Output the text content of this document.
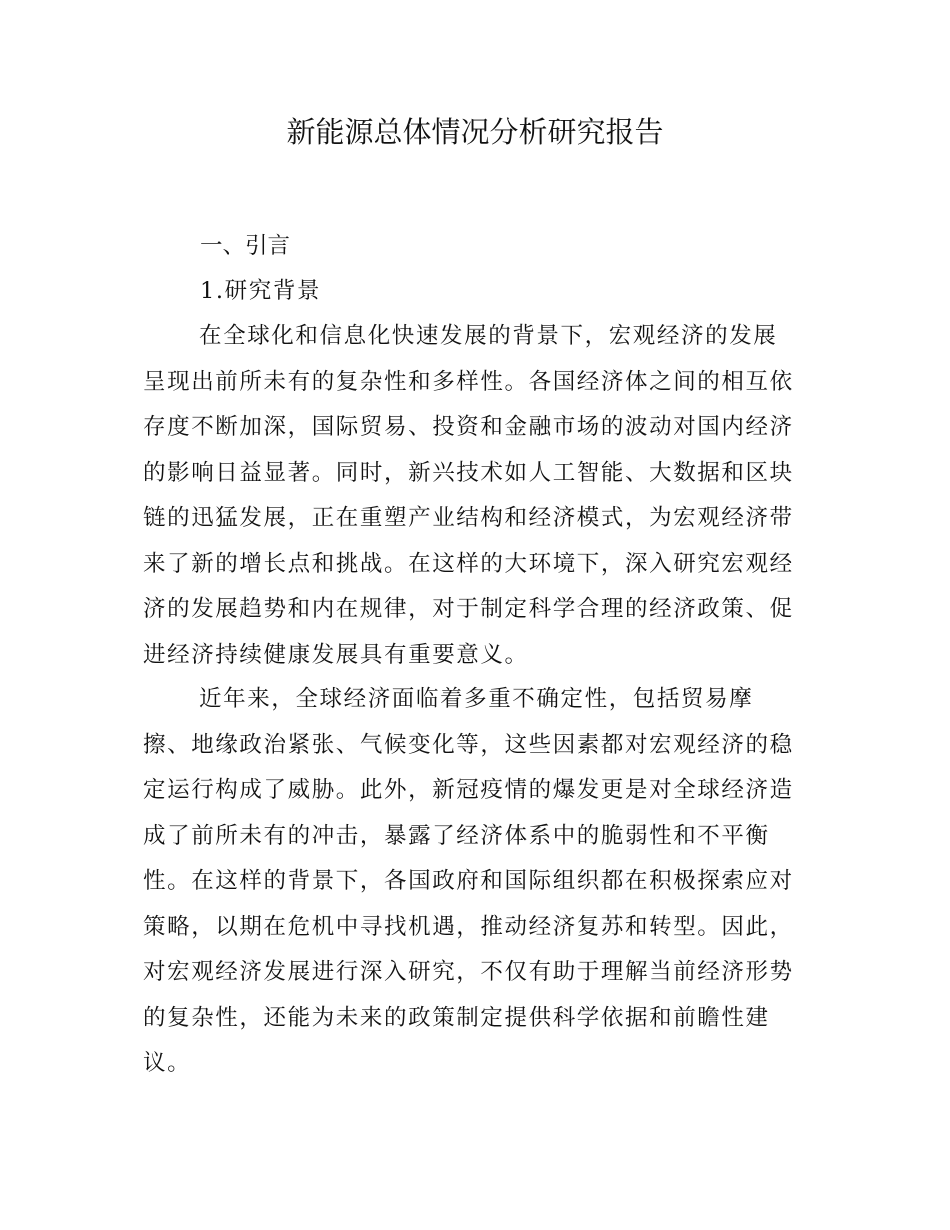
新能源总体情况分析研究报告
一、引言
1.研究背景
在全球化和信息化快速发展的背景下，宏观经济的发展
呈现出前所未有的复杂性和多样性。各国经济体之间的相互依
存度不断加深，国际贸易、投资和金融市场的波动对国内经济
的影响日益显著。同时，新兴技术如人工智能、大数据和区块
链的迅猛发展，正在重塑产业结构和经济模式，为宏观经济带
来了新的增长点和挑战。在这样的大环境下，深入研究宏观经
济的发展趋势和内在规律，对于制定科学合理的经济政策、促
进经济持续健康发展具有重要意义。
近年来，全球经济面临着多重不确定性，包括贸易摩
擦、地缘政治紧张、气候变化等，这些因素都对宏观经济的稳
定运行构成了威胁。此外，新冠疫情的爆发更是对全球经济造
成了前所未有的冲击，暴露了经济体系中的脆弱性和不平衡
性。在这样的背景下，各国政府和国际组织都在积极探索应对
策略，以期在危机中寻找机遇，推动经济复苏和转型。因此，
对宏观经济发展进行深入研究，不仅有助于理解当前经济形势
的复杂性，还能为未来的政策制定提供科学依据和前瞻性建
议。
